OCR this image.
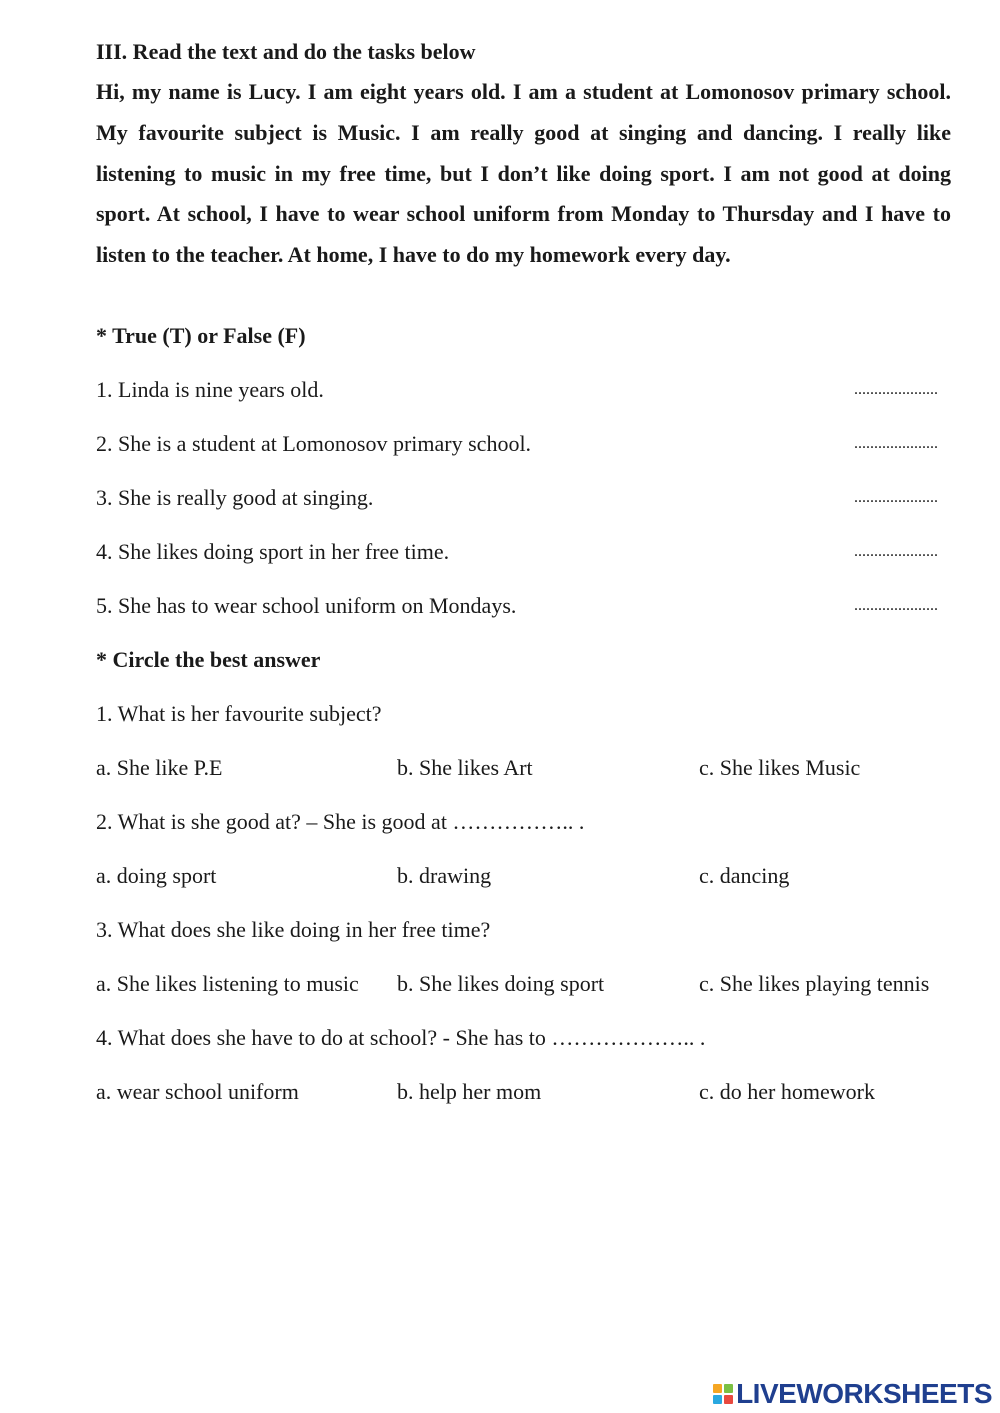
III. Read the text and do the tasks below

Hi, my name is Lucy. I am eight years old. I am a student at Lomonosov primary school. My favourite subject is Music. I am really good at singing and dancing. I really like listening to music in my free time, but I don’t like doing sport. I am not good at doing sport. At school, I have to wear school uniform from Monday to Thursday and I have to listen to the teacher. At home, I have to do my homework every day.

* True (T) or False (F)
1. Linda is nine years old.	.....................
2. She is a student at Lomonosov primary school.	.....................
3. She is really good at singing.	.....................
4. She likes doing sport in her free time.	.....................
5. She has to wear school uniform on Mondays.	.....................
* Circle the best answer

1. What is her favourite subject?

a. She like P.E	b. She likes Art	c. She likes Music

2. What is she good at? – She is good at …………….. .

a. doing sport	b. drawing	c. dancing

3. What does she like doing in her free time?

a. She likes listening to music b. She likes doing sport	c. She likes playing tennis

4. What does she have to do at school? - She has to ……………….. .

a. wear school uniform	b. help her mom	c. do her homework
LIVEWORKSHEETS
